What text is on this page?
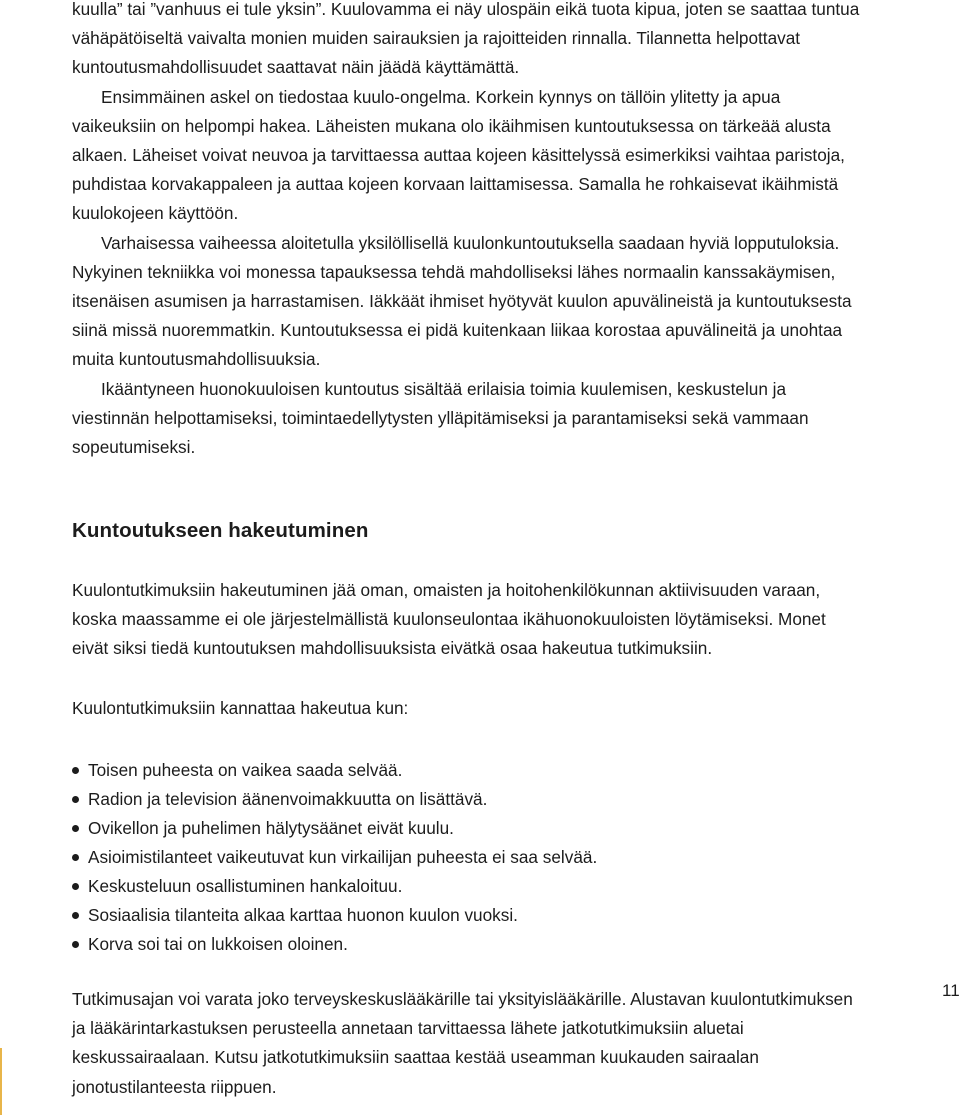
kuulla” tai ”vanhuus ei tule yksin”. Kuulovamma ei näy ulospäin eikä tuota kipua, joten se saattaa tuntua vähäpätöiseltä vaivalta monien muiden sairauksien ja rajoitteiden rinnalla. Tilannetta helpottavat kuntoutusmahdollisuudet saattavat näin jäädä käyttämättä.

Ensimmäinen askel on tiedostaa kuulo-ongelma. Korkein kynnys on tällöin ylitetty ja apua vaikeuksiin on helpompi hakea. Läheisten mukana olo ikäihmisen kuntoutuksessa on tärkeää alusta alkaen. Läheiset voivat neuvoa ja tarvittaessa auttaa kojeen käsittelyssä esimerkiksi vaihtaa paristoja, puhdistaa korvakappaleen ja auttaa kojeen korvaan laittamisessa. Samalla he rohkaisevat ikäihmistä kuulokojeen käyttöön.

Varhaisessa vaiheessa aloitetulla yksilöllisellä kuulonkuntoutuksella saadaan hyviä lopputuloksia. Nykyinen tekniikka voi monessa tapauksessa tehdä mahdolliseksi lähes normaalin kanssakäymisen, itsenäisen asumisen ja harrastamisen. Iäkkäät ihmiset hyötyvät kuulon apuvälineistä ja kuntoutuksesta siinä missä nuoremmatkin. Kuntoutuksessa ei pidä kuitenkaan liikaa korostaa apuvälineitä ja unohtaa muita kuntoutusmahdollisuuksia.

Ikääntyneen huonokuuloisen kuntoutus sisältää erilaisia toimia kuulemisen, keskustelun ja viestinnän helpottamiseksi, toimintaedellytysten ylläpitämiseksi ja parantamiseksi sekä vammaan sopeutumiseksi.

Kuntoutukseen hakeutuminen

Kuulontutkimuksiin hakeutuminen jää oman, omaisten ja hoitohenkilökunnan aktiivisuuden varaan, koska maassamme ei ole järjestelmällistä kuulonseulontaa ikähuonokuuloisten löytämiseksi. Monet eivät siksi tiedä kuntoutuksen mahdollisuuksista eivätkä osaa hakeutua tutkimuksiin.

Kuulontutkimuksiin kannattaa hakeutua kun:

Toisen puheesta on vaikea saada selvää.
Radion ja television äänenvoimakkuutta on lisättävä.
Ovikellon ja puhelimen hälytysäänet eivät kuulu.
Asioimistilanteet vaikeutuvat kun virkailijan puheesta ei saa selvää.
Keskusteluun osallistuminen hankaloituu.
Sosiaalisia tilanteita alkaa karttaa huonon kuulon vuoksi.
Korva soi tai on lukkoisen oloinen.

Tutkimusajan voi varata joko terveyskeskuslääkärille tai yksityislääkärille. Alustavan kuulontutkimuksen ja lääkärintarkastuksen perusteella annetaan tarvittaessa lähete jatkotutkimuksiin aluetai keskussairaalaan. Kutsu jatkotutkimuksiin saattaa kestää useamman kuukauden sairaalan jonotustilanteesta riippuen.

11
